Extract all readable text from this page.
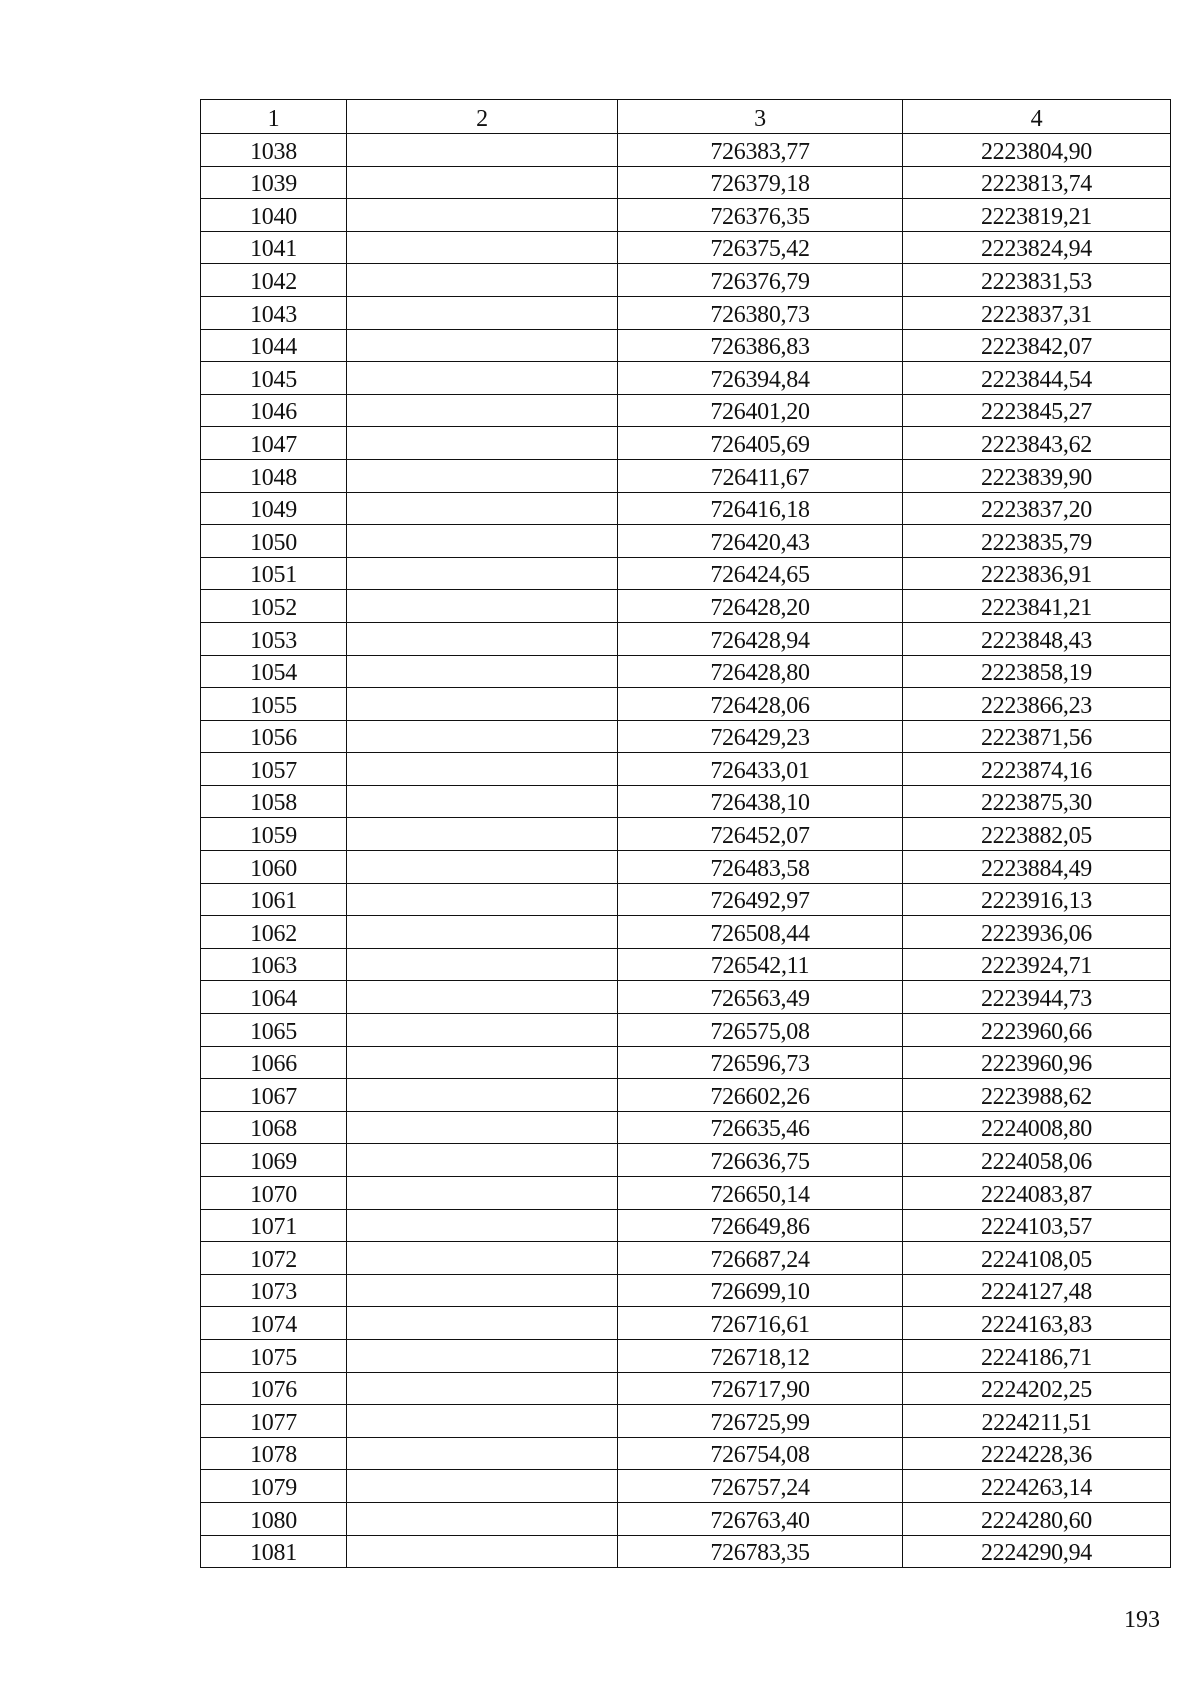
1	2	3	4
1038		726383,77	2223804,90
1039		726379,18	2223813,74
1040		726376,35	2223819,21
1041		726375,42	2223824,94
1042		726376,79	2223831,53
1043		726380,73	2223837,31
1044		726386,83	2223842,07
1045		726394,84	2223844,54
1046		726401,20	2223845,27
1047		726405,69	2223843,62
1048		726411,67	2223839,90
1049		726416,18	2223837,20
1050		726420,43	2223835,79
1051		726424,65	2223836,91
1052		726428,20	2223841,21
1053		726428,94	2223848,43
1054		726428,80	2223858,19
1055		726428,06	2223866,23
1056		726429,23	2223871,56
1057		726433,01	2223874,16
1058		726438,10	2223875,30
1059		726452,07	2223882,05
1060		726483,58	2223884,49
1061		726492,97	2223916,13
1062		726508,44	2223936,06
1063		726542,11	2223924,71
1064		726563,49	2223944,73
1065		726575,08	2223960,66
1066		726596,73	2223960,96
1067		726602,26	2223988,62
1068		726635,46	2224008,80
1069		726636,75	2224058,06
1070		726650,14	2224083,87
1071		726649,86	2224103,57
1072		726687,24	2224108,05
1073		726699,10	2224127,48
1074		726716,61	2224163,83
1075		726718,12	2224186,71
1076		726717,90	2224202,25
1077		726725,99	2224211,51
1078		726754,08	2224228,36
1079		726757,24	2224263,14
1080		726763,40	2224280,60
1081		726783,35	2224290,94
193
